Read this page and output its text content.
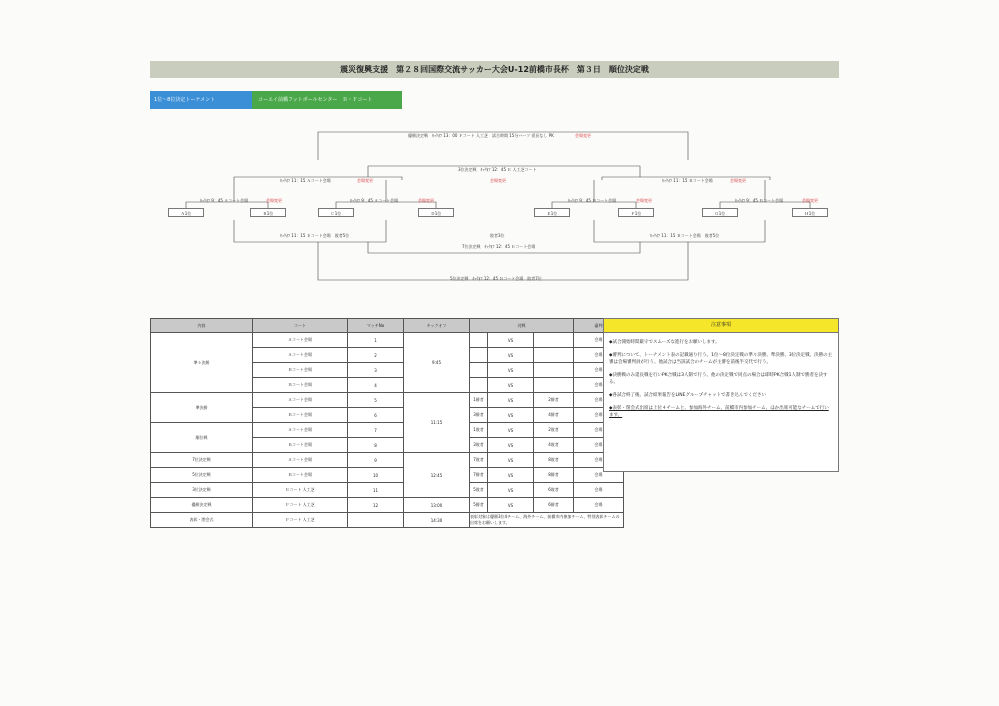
震災復興支援　第２８回国際交流サッカー大会U-12前橋市長杯　第３日　順位決定戦
1位～8位決定トーナメント	コーエイ前橋フットボールセンター　Ｂ・Ｆコート
優勝決定戦　ｷｯｸｵﾌ 13：00 Ｆコート 人工芝　試合時間 15分ハーフ 延長なし PK	会場変更
3位決定戦　ｷｯｸｵﾌ 12：45 Ｅ 人工芝コート
会場変更
ｷｯｸｵﾌ 11：15 Ａコート会場	会場変更	ｷｯｸｵﾌ 11：15 Ｂコート会場	会場変更
ｷｯｸｵﾌ 9：45 Ａコート会場	会場変更	ｷｯｸｵﾌ 9：45 Ａコート会場	会場変更	ｷｯｸｵﾌ 9：45 Ｂコート会場	会場変更	ｷｯｸｵﾌ 9：45 Ｂコート会場	会場変更
Ａ1位	Ｂ1位	Ｃ1位	Ｄ1位	Ｅ1位	Ｆ1位	Ｇ1位	Ｈ1位
ｷｯｸｵﾌ 11：15 Ｅコート会場　敗者5位	敗者3位	ｷｯｸｵﾌ 11：15 Ｂコート会場　敗者5位
7位決定戦　ｷｯｸｵﾌ 12：45 Ｅコート会場
5位決定戦　ｷｯｸｵﾌ 12：45 Ｂコート会場　敗者7位
内容	コート	マッチNo	キックオフ	対戦			審判
準々決勝	Ａコート会場	1	9:45		VS		会場
	Ａコート会場	2			VS		会場
	Ｂコート会場	3			VS		会場
	Ｂコート会場	4			VS		会場
準決勝	Ａコート会場	5	11:15	1勝者	VS	2勝者	会場
	Ｂコート会場	6		3勝者	VS	4勝者	会場
順位戦	Ａコート会場	7		1敗者	VS	2敗者	会場
	Ｂコート会場	8		3敗者	VS	4敗者	会場
7位決定戦	Ａコート会場	9	12:45	7敗者	VS	8敗者	会場
5位決定戦	Ｂコート会場	10		7勝者	VS	8勝者	会場
3位決定戦	Ｅコート 人工芝	11		5敗者	VS	6敗者	会場
優勝決定戦	Ｆコート 人工芝	12	13:00	5勝者	VS	6勝者	会場
表彰・閉会式	Ｆコート 人工芝		14:30	表彰対象は優勝3位4チーム、海外チーム、前橋市内参加チーム、特別表彰チームの出席をお願いします。			
注意事項
◆試合開始時間厳守でスムーズな進行をお願いします。
◆審判について、トーナメント表の記載通り行う。1位～8位決定戦の準々決勝、準決勝、3位決定戦、決勝の主審は会場審判員が行う。他試合は当該試合のチームが主審を前後半交代で行う。
◆決勝戦のみ延長戦を行いPK合戦は3人制で行う。他の決定戦で同点の場合は即時PK合戦1人制で勝者を決する。
◆各試合終了後、試合結果報告をLINEグループチャットで書き込んでください
◆表彰・閉会式出席は上位４チームと、参加海外チーム、前橋市内参加チーム、ほか出席可能なチームで行います。
